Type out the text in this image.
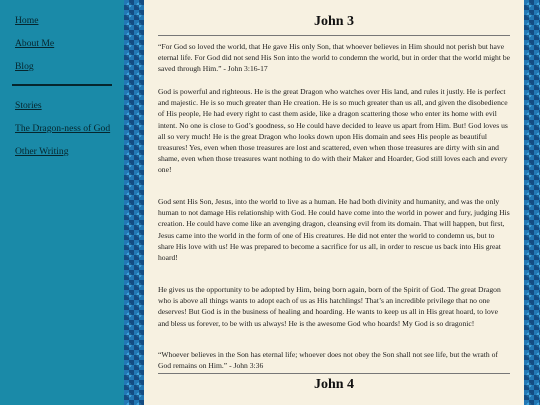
Home
About Me
Blog
Stories
The Dragon-ness of God
Other Writing
John 3

“For God so loved the world, that He gave His only Son, that whoever believes in Him should not perish but have eternal life. For God did not send His Son into the world to condemn the world, but in order that the world might be saved through Him.” - John 3:16-17

God is powerful and righteous. He is the great Dragon who watches over His land, and rules it justly. He is perfect and majestic. He is so much greater than He creation. He is so much greater than us all, and given the disobedience of His people, He had every right to cast them aside, like a dragon scattering those who enter its home with evil intent. No one is close to God’s goodness, so He could have decided to leave us apart from Him. But! God loves us all so very much! He is the great Dragon who looks down upon His domain and sees His people as beautiful treasures! Yes, even when those treasures are lost and scattered, even when those treasures are dirty with sin and shame, even when those treasures want nothing to do with their Maker and Hoarder, God still loves each and every one!

God sent His Son, Jesus, into the world to live as a human. He had both divinity and humanity, and was the only human to not damage His relationship with God. He could have come into the world in power and fury, judging His creation. He could have come like an avenging dragon, cleansing evil from its domain. That will happen, but first, Jesus came into the world in the form of one of His creatures. He did not enter the world to condemn us, but to share His love with us! He was prepared to become a sacrifice for us all, in order to rescue us back into His great hoard!

He gives us the opportunity to be adopted by Him, being born again, born of the Spirit of God. The great Dragon who is above all things wants to adopt each of us as His hatchlings! That’s an incredible privilege that no one deserves! But God is in the business of healing and hoarding. He wants to keep us all in His great hoard, to love and bless us forever, to be with us always! He is the awesome God who hoards! My God is so dragonic!

“Whoever believes in the Son has eternal life; whoever does not obey the Son shall not see life, but the wrath of God remains on Him.” - John 3:36

John 4
